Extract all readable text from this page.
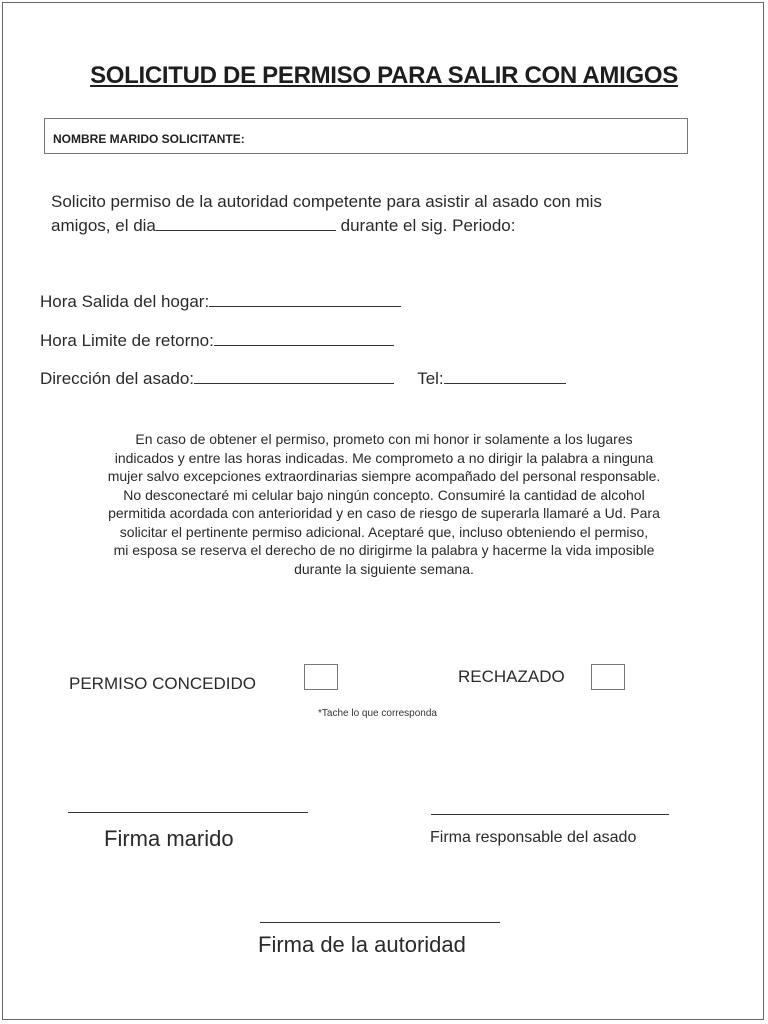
SOLICITUD DE PERMISO PARA SALIR CON AMIGOS
NOMBRE MARIDO SOLICITANTE:
Solicito permiso de la autoridad competente para asistir al asado con mis
amigos, el dia	durante el sig. Periodo:
Hora Salida del hogar:
Hora Limite de retorno:
Dirección del asado:	Tel:
En caso de obtener el permiso, prometo con mi honor ir solamente a los lugares
indicados y entre las horas indicadas. Me comprometo a no dirigir la palabra a ninguna
mujer salvo excepciones extraordinarias siempre acompañado del personal responsable.
No desconectaré mi celular bajo ningún concepto. Consumiré la cantidad de alcohol
permitida acordada con anterioridad y en caso de riesgo de superarla llamaré a Ud. Para
solicitar el pertinente permiso adicional. Aceptaré que, incluso obteniendo el permiso,
mi esposa se reserva el derecho de no dirigirme la palabra y hacerme la vida imposible
durante la siguiente semana.
PERMISO CONCEDIDO	RECHAZADO
*Tache lo que corresponda
Firma marido	Firma responsable del asado
Firma de la autoridad
